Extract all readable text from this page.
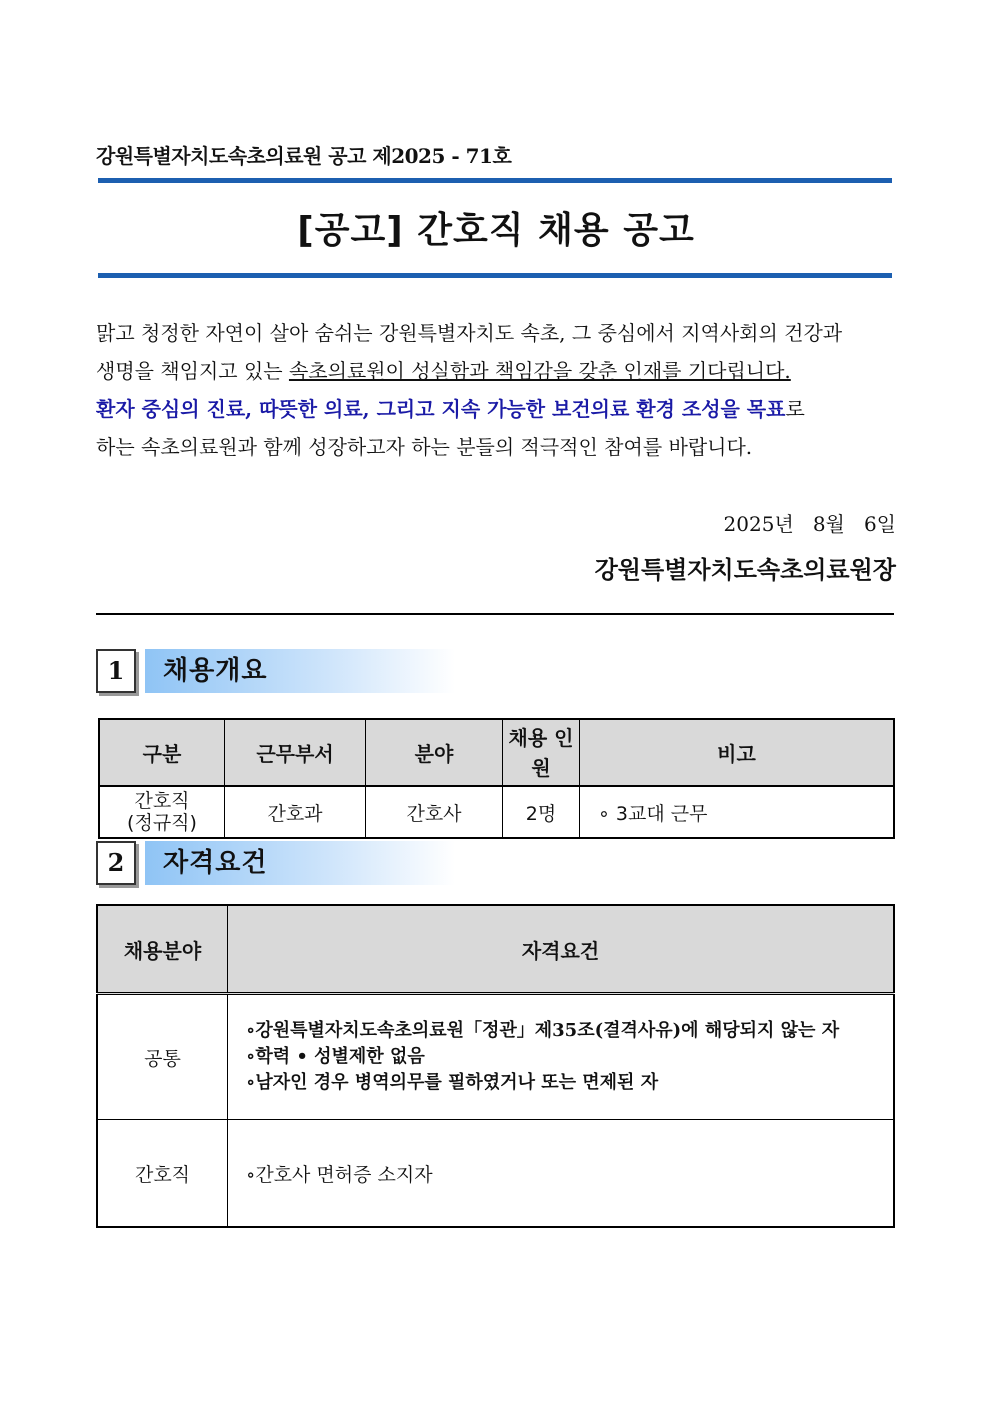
강원특별자치도속초의료원 공고 제2025 - 71호
[공고] 간호직 채용 공고
맑고 청정한 자연이 살아 숨쉬는 강원특별자치도 속초, 그 중심에서 지역사회의 건강과
생명을 책임지고 있는 속초의료원이 성실함과 책임감을 갖춘 인재를 기다립니다.
환자 중심의 진료, 따뜻한 의료, 그리고 지속 가능한 보건의료 환경 조성을 목표로
하는 속초의료원과 함께 성장하고자 하는 분들의 적극적인 참여를 바랍니다.
2025년   8월   6일
강원특별자치도속초의료원장
채용개요
1
구분	근무부서	분야	채용 인원	비고

간호직
(정규직)	간호과	간호사	2명	∘ 3교대 근무
자격요건
2
채용분야	자격요건
공통	∘강원특별자치도속초의료원「정관」제35조(결격사유)에 해당되지 않는 자
∘학력 • 성별제한 없음
∘남자인 경우 병역의무를 필하였거나 또는 면제된 자

간호직	∘간호사 면허증 소지자
